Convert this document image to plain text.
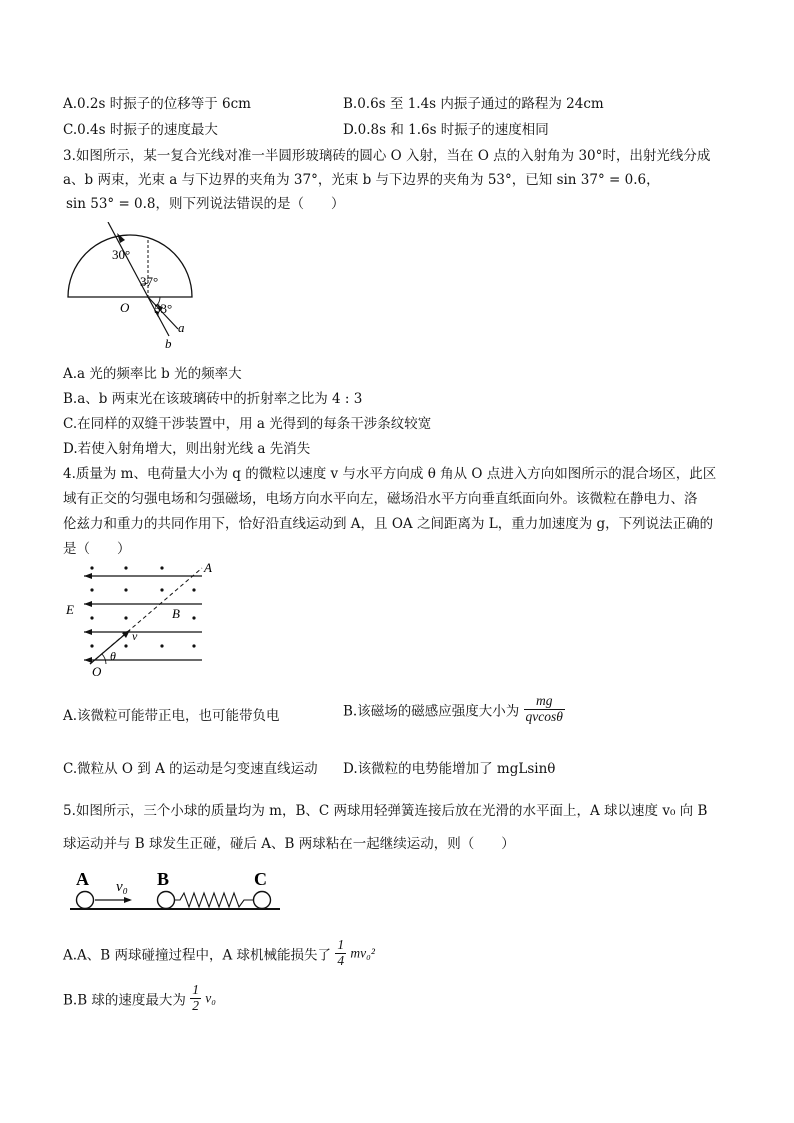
A.0.2s 时振子的位移等于 6cm	B.0.6s 至 1.4s 内振子通过的路程为 24cm
C.0.4s 时振子的速度最大	D.0.8s 和 1.6s 时振子的速度相同
3.如图所示，某一复合光线对准一半圆形玻璃砖的圆心 O 入射，当在 O 点的入射角为 30°时，出射光线分成
a、b 两束，光束 a 与下边界的夹角为 37°，光束 b 与下边界的夹角为 53°，已知 sin 37° = 0.6，
sin 53° = 0.8，则下列说法错误的是（　　）
30°
37°
53°
O
a
b
A.a 光的频率比 b 光的频率大
B.a、b 两束光在该玻璃砖中的折射率之比为 4 : 3
C.在同样的双缝干涉装置中，用 a 光得到的每条干涉条纹较宽
D.若使入射角增大，则出射光线 a 先消失
4.质量为 m、电荷量大小为 q 的微粒以速度 v 与水平方向成 θ 角从 O 点进入方向如图所示的混合场区，此区
域有正交的匀强电场和匀强磁场，电场方向水平向左，磁场沿水平方向垂直纸面向外。该微粒在静电力、洛
伦兹力和重力的共同作用下，恰好沿直线运动到 A，且 OA 之间距离为 L，重力加速度为 g，下列说法正确的
是（　　）
A
B
E
O
v
θ
A.该微粒可能带正电，也可能带负电	B.该磁场的磁感应强度大小为 $\frac{mg}{qvcos\theta}$
C.微粒从 O 到 A 的运动是匀变速直线运动 D.该微粒的电势能增加了 mgLsinθ
5.如图所示，三个小球的质量均为 m，B、C 两球用轻弹簧连接后放在光滑的水平面上，A 球以速度 v₀ 向 B
球运动并与 B 球发生正碰，碰后 A、B 两球粘在一起继续运动，则（　　）
A v₀ B	C
A.A、B 两球碰撞过程中，A 球机械能损失了 $\frac{1}{4} mv_0^2$
B.B 球的速度最大为 $\frac{1}{2} v_0$
